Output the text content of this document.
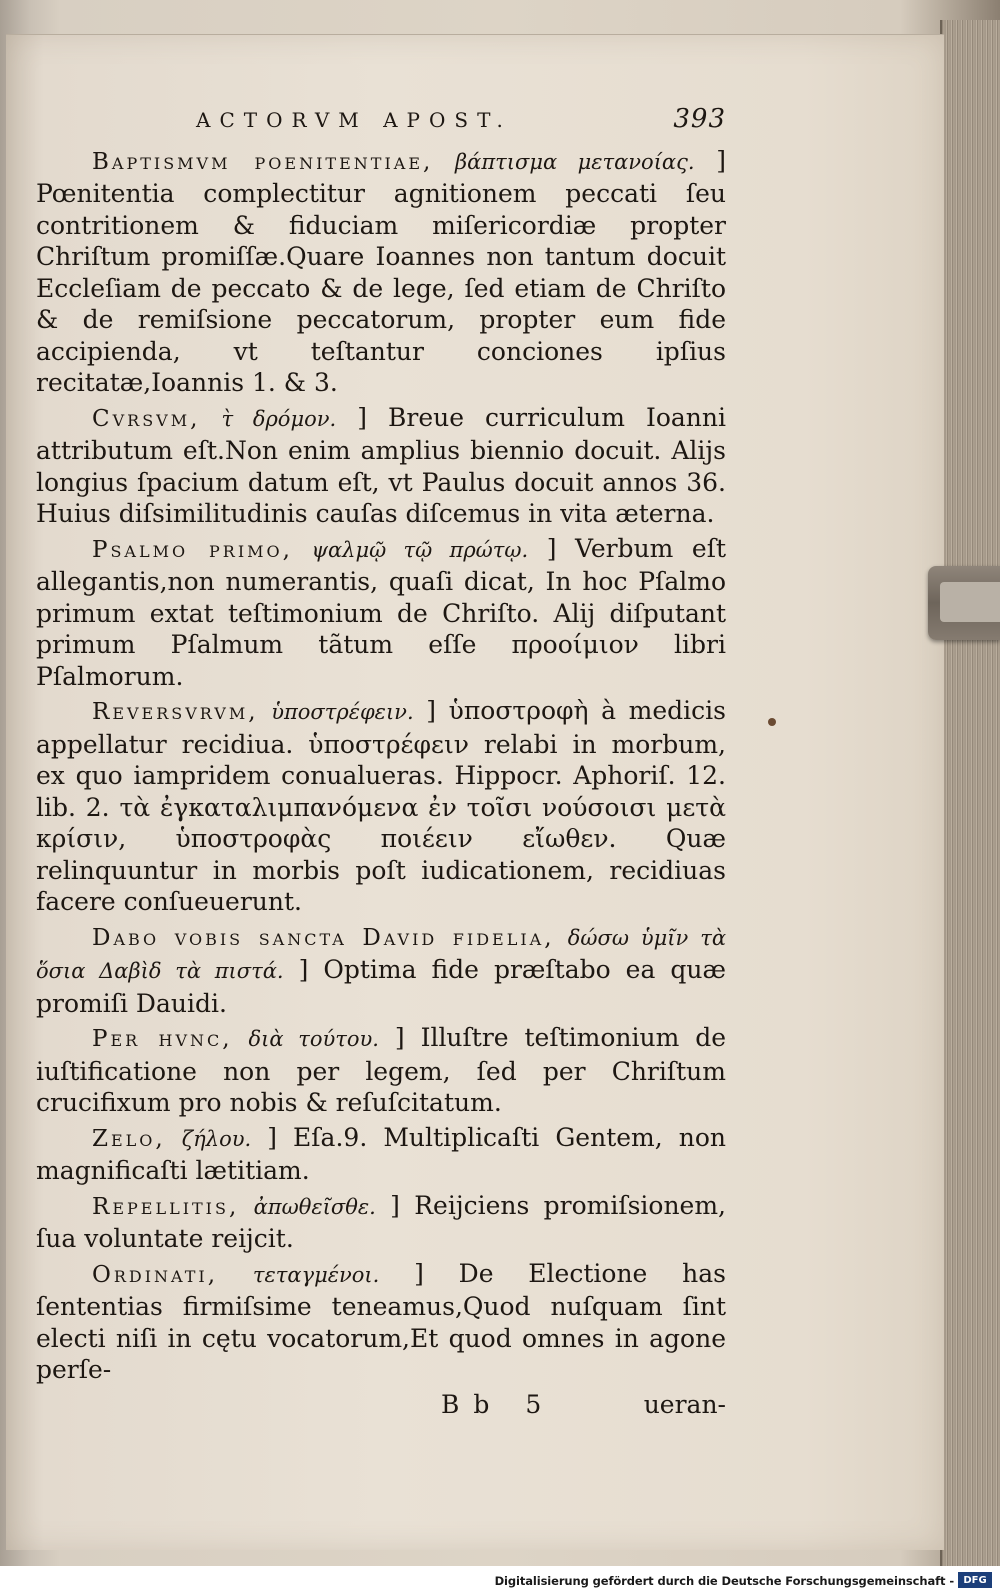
ACTORVM APOST.	393

Baptismvm poenitentiae, βάπτισμα μετανοίας. ] Pœnitentia complectitur agnitionem peccati ſeu contritionem & fiduciam miſericordiæ propter Chriſtum promiſſæ.Quare Ioannes non tantum docuit Eccleſiam de peccato & de lege, ſed etiam de Chriſto & de remiſsione peccatorum, propter eum fide accipienda, vt teſtantur conciones ipſius recitatæ,Ioannis 1. & 3.

Cvrsvm, τ̀ δρόμον. ] Breue curriculum Ioanni attributum eſt.Non enim amplius biennio docuit. Alijs longius ſpacium datum eſt, vt Paulus docuit annos 36. Huius diſsimilitudinis cauſas diſcemus in vita æterna.

Psalmo primo, ψαλμῷ τῷ πρώτῳ. ] Verbum eſt allegantis,non numerantis, quaſi dicat, In hoc Pſalmo primum extat teſtimonium de Chriſto. Alij diſputant primum Pſalmum tãtum eſſe προοίμιον libri Pſalmorum.

Reversvrvm, ὑποστρέφειν. ] ὑποστροφὴ à medicis appellatur recidiua. ὑποστρέφειν relabi in morbum, ex quo iampridem conualueras. Hippocr. Aphoriſ. 12. lib. 2. τὰ ἐγκαταλιμπανόμενα ἐν τοῖσι νούσοισι μετὰ κρίσιν, ὑποστροφὰς ποιέειν εἴωθεν. Quæ relinquuntur in morbis poſt iudicationem, recidiuas facere conſueuerunt.

Dabo vobis sancta David fidelia, δώσω ὑμῖν τὰ ὅσια Δαβὶδ τὰ πιστά. ] Optima fide præſtabo ea quæ promiſi Dauidi.

Per hvnc, διὰ τούτου. ] Illuſtre teſtimonium de iuſtificatione non per legem, ſed per Chriſtum crucifixum pro nobis & reſuſcitatum.

Zelo, ζήλου. ] Eſa.9. Multiplicaſti Gentem, non magnificaſti lætitiam.

Repellitis, ἀπωθεῖσθε. ] Reijciens promiſsionem, ſua voluntate reijcit.

Ordinati, τεταγμένοι. ] De Electione has ſententias firmiſsime teneamus,Quod nuſquam ſint electi niſi in cętu vocatorum,Et quod omnes in agone perſe-

Bb 5	ueran-
Digitalisierung gefördert durch die Deutsche Forschungsgemeinschaft - DFG
